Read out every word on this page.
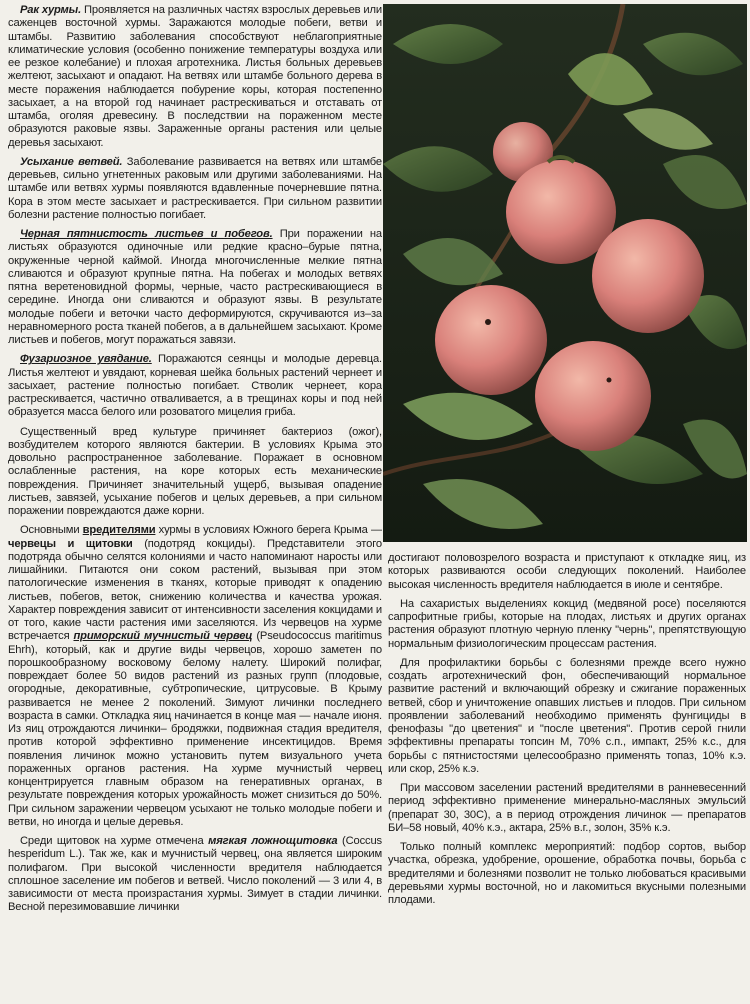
Рак хурмы. Проявляется на различных частях взрослых деревьев или саженцев восточной хурмы. Заражаются молодые побеги, ветви и штамбы. Развитию заболевания способствуют неблагоприятные климатические условия (особенно понижение температуры воздуха или ее резкое колебание) и плохая агротехника. Листья больных деревьев желтеют, засыхают и опадают. На ветвях или штамбе больного дерева в месте поражения наблюдается побурение коры, которая постепенно засыхает, а на второй год начинает растрескиваться и отставать от штамба, оголяя древесину. В последствии на пораженном месте образуются раковые язвы. Зараженные органы растения или целые деревья засыхают.

Усыхание ветвей. Заболевание развивается на ветвях или штамбе деревьев, сильно угнетенных раковым или другими заболеваниями. На штамбе или ветвях хурмы появляются вдавленные почерневшие пятна. Кора в этом месте засыхает и растрескивается. При сильном развитии болезни растение полностью погибает.

Черная пятнистость листьев и побегов. При поражении на листьях образуются одиночные или редкие красно–бурые пятна, окруженные черной каймой. Иногда многочисленные мелкие пятна сливаются и образуют крупные пятна. На побегах и молодых ветвях пятна веретеновидной формы, черные, часто растрескивающиеся в середине. Иногда они сливаются и образуют язвы. В результате молодые побеги и веточки часто деформируются, скручиваются из–за неравномерного роста тканей побегов, а в дальнейшем засыхают. Кроме листьев и побегов, могут поражаться завязи.

Фузариозное увядание. Поражаются сеянцы и молодые деревца. Листья желтеют и увядают, корневая шейка больных растений чернеет и засыхает, растение полностью погибает. Стволик чернеет, кора растрескивается, частично отваливается, а в трещинах коры и под ней образуется масса белого или розоватого мицелия гриба.

Существенный вред культуре причиняет бактериоз (ожог), возбудителем которого являются бактерии. В условиях Крыма это довольно распространенное заболевание. Поражает в основном ослабленные растения, на коре которых есть механические повреждения. Причиняет значительный ущерб, вызывая опадение листьев, завязей, усыхание побегов и целых деревьев, а при сильном поражении повреждаются даже корни.

Основными вредителями хурмы в условиях Южного берега Крыма — червецы и щитовки (подотряд кокциды). Представители этого подотряда обычно селятся колониями и часто напоминают наросты или лишайники. Питаются они соком растений, вызывая при этом патологические изменения в тканях, которые приводят к опадению листьев, побегов, веток, снижению количества и качества урожая. Характер повреждения зависит от интенсивности заселения кокцидами и от того, какие части растения ими заселяются. Из червецов на хурме встречается приморский мучнистый червец (Pseudococcus maritimus Ehrh), который, как и другие виды червецов, хорошо заметен по порошкообразному восковому белому налету. Широкий полифаг, повреждает более 50 видов растений из разных групп (плодовые, огородные, декоративные, субтропические, цитрусовые. В Крыму развивается не менее 2 поколений. Зимуют личинки последнего возраста в самки. Откладка яиц начинается в конце мая — начале июня. Из яиц отрождаются личинки– бродяжки, подвижная стадия вредителя, против которой эффективно применение инсектицидов. Время появления личинок можно установить путем визуального учета пораженных органов растения. На хурме мучнистый червец концентрируется главным образом на генеративных органах, в результате повреждения которых урожайность может снизиться до 50%. При сильном заражении червецом усыхают не только молодые побеги и ветви, но иногда и целые деревья.

Среди щитовок на хурме отмечена мягкая ложнощитовка (Coccus hesperidum L.). Так же, как и мучнистый червец, она является широким полифагом. При высокой численности вредителя наблюдается сплошное заселение им побегов и ветвей. Число поколений — 3 или 4, в зависимости от места произрастания хурмы. Зимует в стадии личинки. Весной перезимовавшие личинки

достигают половозрелого возраста и приступают к откладке яиц, из которых развиваются особи следующих поколений. Наиболее высокая численность вредителя наблюдается в июле и сентябре.

На сахаристых выделениях кокцид (медвяной росе) поселяются сапрофитные грибы, которые на плодах, листьях и других органах растения образуют плотную черную пленку "чернь", препятствующую нормальным физиологическим процессам растения.

Для профилактики борьбы с болезнями прежде всего нужно создать агротехнический фон, обеспечивающий нормальное развитие растений и включающий обрезку и сжигание пораженных ветвей, сбор и уничтожение опавших листьев и плодов. При сильном проявлении заболеваний необходимо применять фунгициды в фенофазы "до цветения" и "после цветения". Против серой гнили эффективны препараты топсин М, 70% с.п., импакт, 25% к.с., для борьбы с пятнистостями целесообразно применять топаз, 10% к.э. или скор, 25% к.э.

При массовом заселении растений вредителями в ранневесенний период эффективно применение минерально-масляных эмульсий (препарат 30, 30С), а в период отрождения личинок — препаратов БИ–58 новый, 40% к.э., актара, 25% в.г., золон, 35% к.э.

Только полный комплекс мероприятий: подбор сортов, выбор участка, обрезка, удобрение, орошение, обработка почвы, борьба с вредителями и болезнями позволит не только любоваться красивыми деревьями хурмы восточной, но и лакомиться вкусными полезными плодами.
